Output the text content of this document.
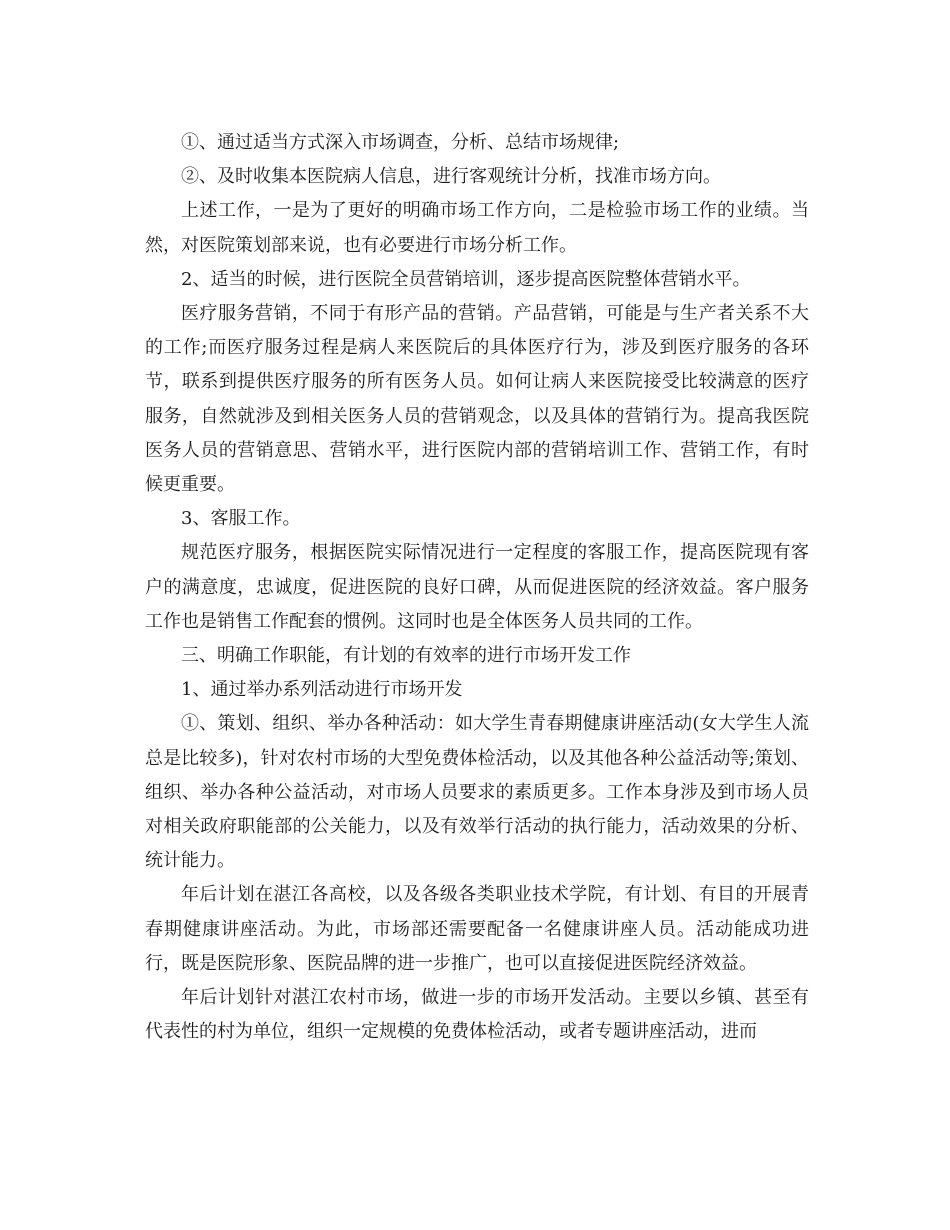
①、通过适当方式深入市场调查，分析、总结市场规律;

②、及时收集本医院病人信息，进行客观统计分析，找准市场方向。

上述工作，一是为了更好的明确市场工作方向，二是检验市场工作的业绩。当然，对医院策划部来说，也有必要进行市场分析工作。

2、适当的时候，进行医院全员营销培训，逐步提高医院整体营销水平。

医疗服务营销，不同于有形产品的营销。产品营销，可能是与生产者关系不大的工作;而医疗服务过程是病人来医院后的具体医疗行为，涉及到医疗服务的各环节，联系到提供医疗服务的所有医务人员。如何让病人来医院接受比较满意的医疗服务，自然就涉及到相关医务人员的营销观念，以及具体的营销行为。提高我医院医务人员的营销意思、营销水平，进行医院内部的营销培训工作、营销工作，有时候更重要。

3、客服工作。

规范医疗服务，根据医院实际情况进行一定程度的客服工作，提高医院现有客户的满意度，忠诚度，促进医院的良好口碑，从而促进医院的经济效益。客户服务工作也是销售工作配套的惯例。这同时也是全体医务人员共同的工作。

三、明确工作职能，有计划的有效率的进行市场开发工作

1、通过举办系列活动进行市场开发

①、策划、组织、举办各种活动：如大学生青春期健康讲座活动(女大学生人流总是比较多)，针对农村市场的大型免费体检活动，以及其他各种公益活动等;策划、组织、举办各种公益活动，对市场人员要求的素质更多。工作本身涉及到市场人员对相关政府职能部的公关能力，以及有效举行活动的执行能力，活动效果的分析、统计能力。

年后计划在湛江各高校，以及各级各类职业技术学院，有计划、有目的开展青春期健康讲座活动。为此，市场部还需要配备一名健康讲座人员。活动能成功进行，既是医院形象、医院品牌的进一步推广，也可以直接促进医院经济效益。

年后计划针对湛江农村市场，做进一步的市场开发活动。主要以乡镇、甚至有代表性的村为单位，组织一定规模的免费体检活动，或者专题讲座活动，进而
